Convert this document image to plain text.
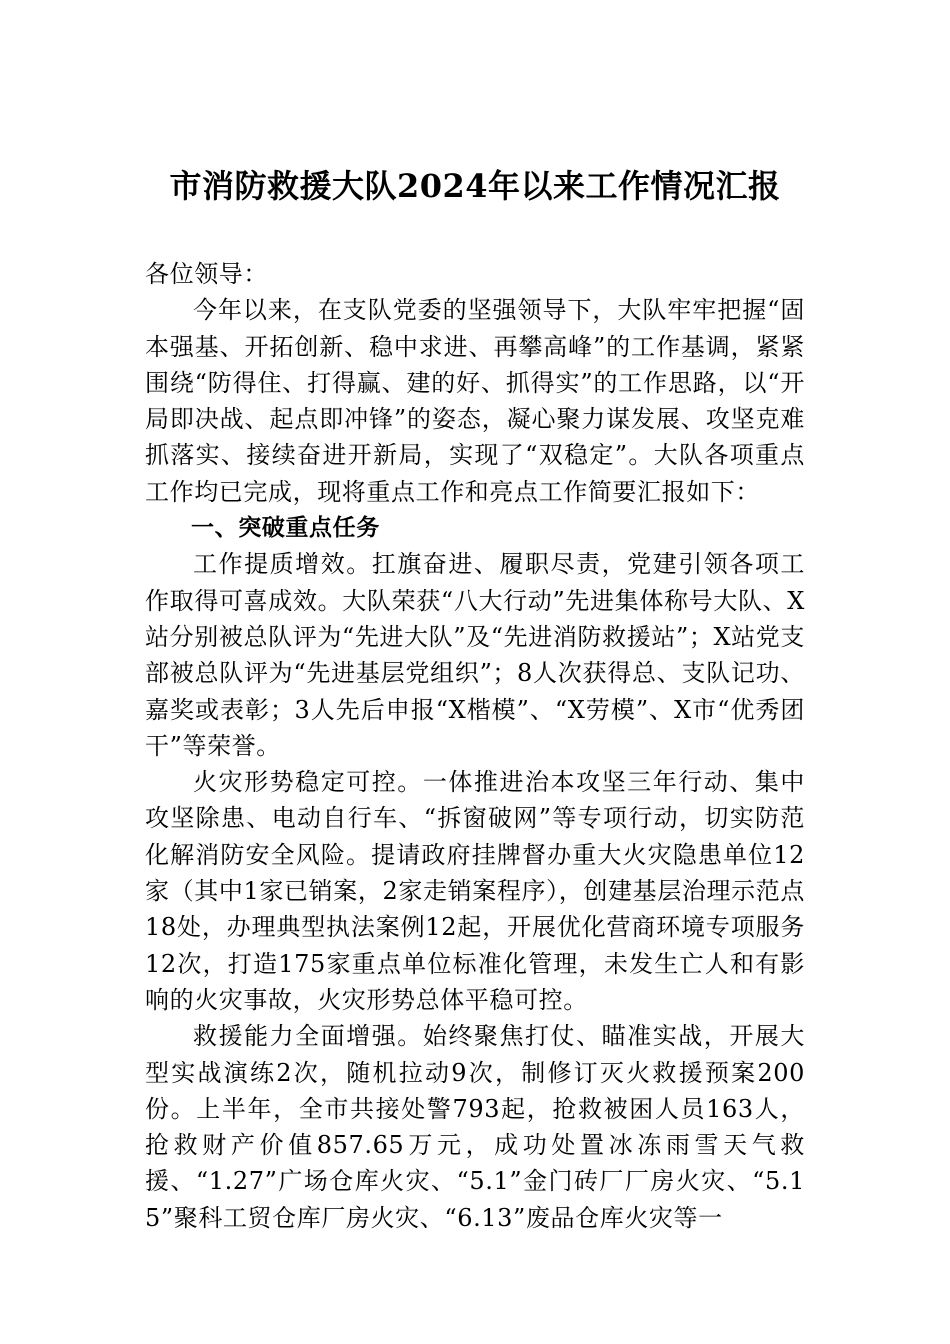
市消防救援大队2024年以来工作情况汇报

各位领导：

今年以来，在支队党委的坚强领导下，大队牢牢把握“固本强基、开拓创新、稳中求进、再攀高峰”的工作基调，紧紧围绕“防得住、打得赢、建的好、抓得实”的工作思路，以“开局即决战、起点即冲锋”的姿态，凝心聚力谋发展、攻坚克难抓落实、接续奋进开新局，实现了“双稳定”。大队各项重点工作均已完成，现将重点工作和亮点工作简要汇报如下：

一、突破重点任务

工作提质增效。扛旗奋进、履职尽责，党建引领各项工作取得可喜成效。大队荣获“八大行动”先进集体称号大队、X站分别被总队评为“先进大队”及“先进消防救援站”；X站党支部被总队评为“先进基层党组织”；8人次获得总、支队记功、嘉奖或表彰；3人先后申报“X楷模”、“X劳模”、X市“优秀团干”等荣誉。

火灾形势稳定可控。一体推进治本攻坚三年行动、集中攻坚除患、电动自行车、“拆窗破网”等专项行动，切实防范化解消防安全风险。提请政府挂牌督办重大火灾隐患单位12家（其中1家已销案，2家走销案程序），创建基层治理示范点18处，办理典型执法案例12起，开展优化营商环境专项服务12次，打造175家重点单位标准化管理，未发生亡人和有影响的火灾事故，火灾形势总体平稳可控。

救援能力全面增强。始终聚焦打仗、瞄准实战，开展大型实战演练2次，随机拉动9次，制修订灭火救援预案200份。上半年，全市共接处警793起，抢救被困人员163人，抢救财产价值857.65万元，成功处置冰冻雨雪天气救援、“1.27”广场仓库火灾、“5.1”金门砖厂厂房火灾、“5.15”聚科工贸仓库厂房火灾、“6.13”废品仓库火灾等一
